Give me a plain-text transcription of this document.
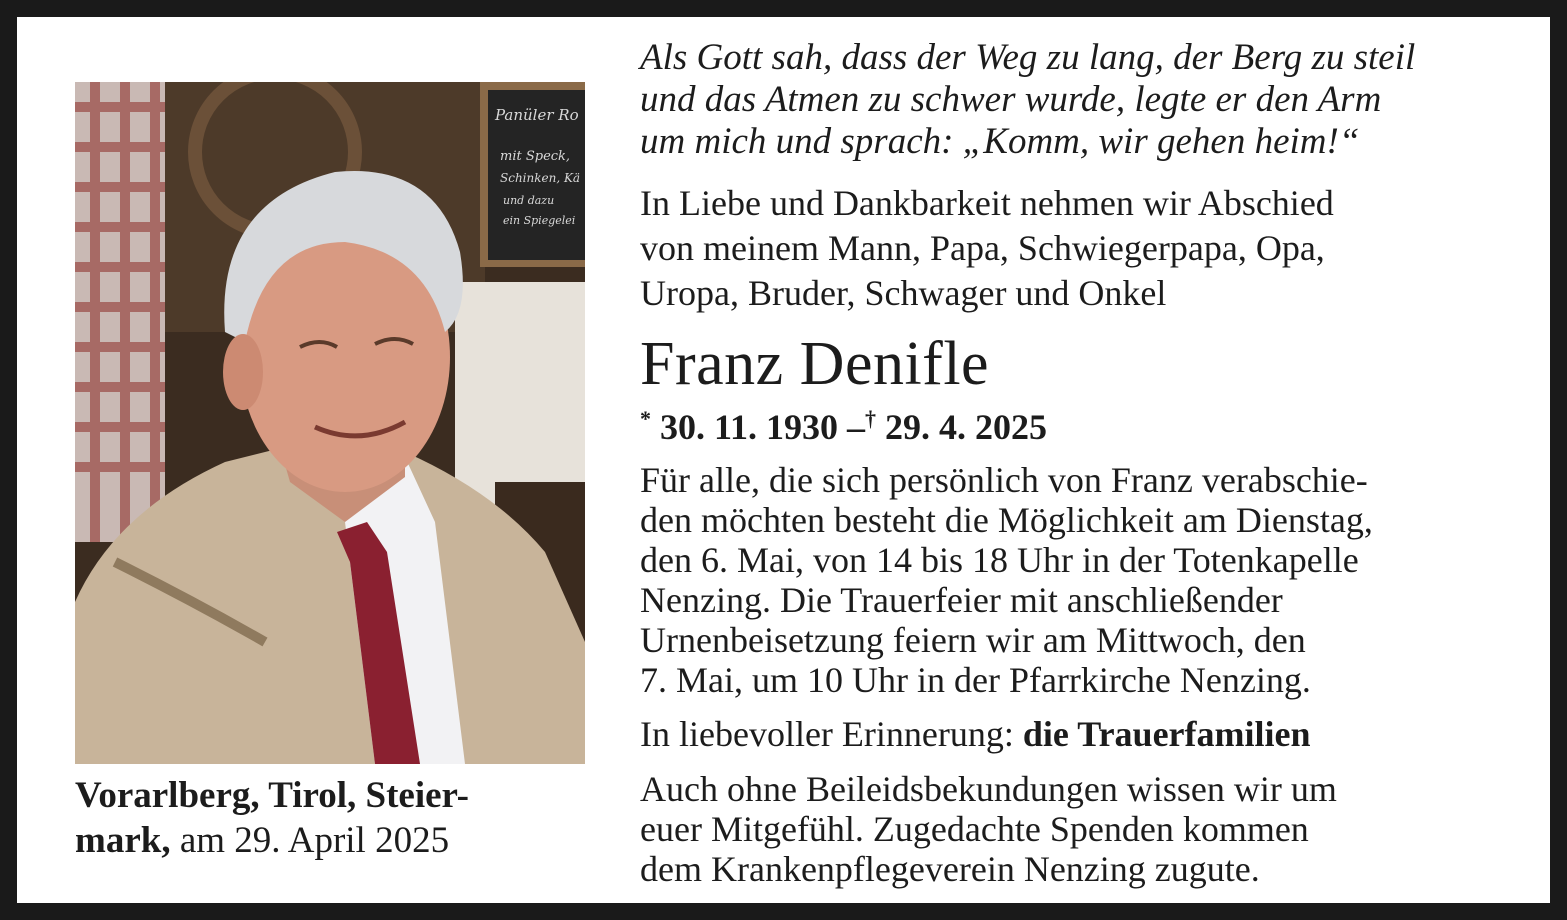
Panüler Ro
mit Speck,
Schinken, Kä
und dazu
ein Spiegelei
Vorarlberg, Tirol, Steier-
mark, am 29. April 2025

Als Gott sah, dass der Weg zu lang, der Berg zu steil
und das Atmen zu schwer wurde, legte er den Arm
um mich und sprach: „Komm, wir gehen heim!“

In Liebe und Dankbarkeit nehmen wir Abschied
von meinem Mann, Papa, Schwiegerpapa, Opa,
Uropa, Bruder, Schwager und Onkel

Franz Denifle

* 30. 11. 1930 –† 29. 4. 2025

Für alle, die sich persönlich von Franz verabschie-
den möchten besteht die Möglichkeit am Dienstag,
den 6. Mai, von 14 bis 18 Uhr in der Totenkapelle
Nenzing. Die Trauerfeier mit anschließender
Urnenbeisetzung feiern wir am Mittwoch, den
7. Mai, um 10 Uhr in der Pfarrkirche Nenzing.

In liebevoller Erinnerung: die Trauerfamilien

Auch ohne Beileidsbekundungen wissen wir um
euer Mitgefühl. Zugedachte Spenden kommen
dem Krankenpflegeverein Nenzing zugute.
